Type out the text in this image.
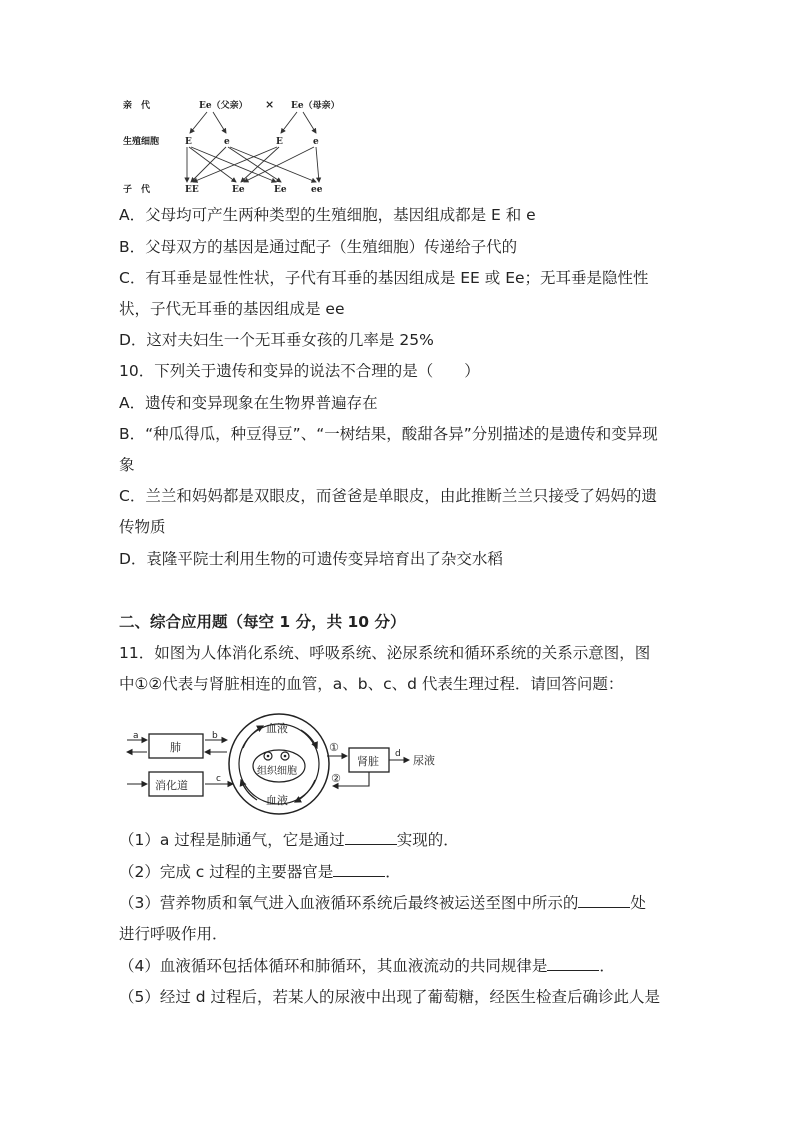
亲　代
生殖细胞
子　代
Ee（父亲） × Ee（母亲）
E	e	E	e
EE	Ee	Ee	ee
A．父母均可产生两种类型的生殖细胞，基因组成都是 E 和 e
B．父母双方的基因是通过配子（生殖细胞）传递给子代的
C．有耳垂是显性性状，子代有耳垂的基因组成是 EE 或 Ee；无耳垂是隐性性
状，子代无耳垂的基因组成是 ee
D．这对夫妇生一个无耳垂女孩的几率是 25%
10．下列关于遗传和变异的说法不合理的是（　　）
A．遗传和变异现象在生物界普遍存在
B．“种瓜得瓜，种豆得豆”、“一树结果，酸甜各异”分别描述的是遗传和变异现
象
C．兰兰和妈妈都是双眼皮，而爸爸是单眼皮，由此推断兰兰只接受了妈妈的遗
传物质
D．袁隆平院士利用生物的可遗传变异培育出了杂交水稻
二、综合应用题（每空 1 分，共 10 分）
11．如图为人体消化系统、呼吸系统、泌尿系统和循环系统的关系示意图，图
中①②代表与肾脏相连的血管，a、b、c、d 代表生理过程．请回答问题：
肺
消化道
肾脏	尿液
血液
血液
组织细胞
a	b
c
d
①
②
（1）a 过程是肺通气，它是通过	实现的．
（2）完成 c 过程的主要器官是	．
（3）营养物质和氧气进入血液循环系统后最终被运送至图中所示的	处
进行呼吸作用．
（4）血液循环包括体循环和肺循环，其血液流动的共同规律是	．
（5）经过 d 过程后，若某人的尿液中出现了葡萄糖，经医生检查后确诊此人是
